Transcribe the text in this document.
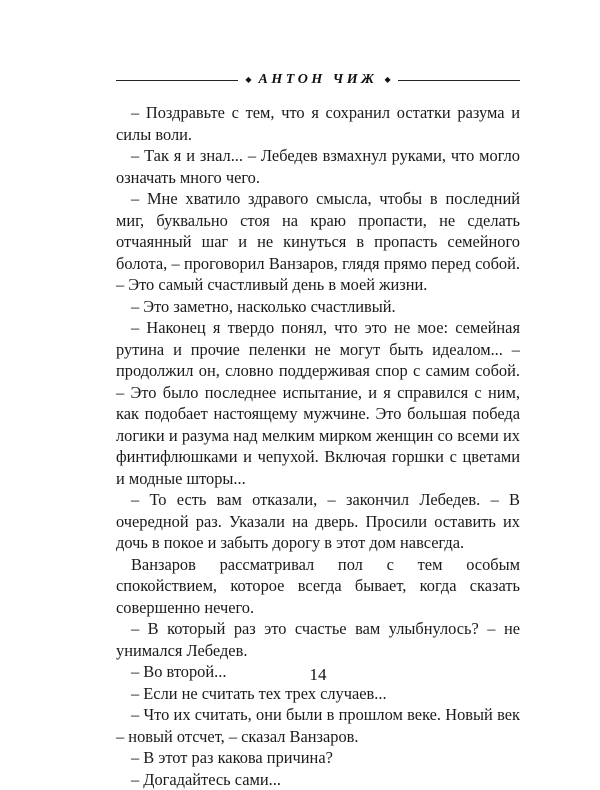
◆ АНТОН ЧИЖ ◆

– Поздравьте с тем, что я сохранил остатки разума и силы воли.

– Так я и знал... – Лебедев взмахнул руками, что могло означать много чего.

– Мне хватило здравого смысла, чтобы в последний миг, буквально стоя на краю пропасти, не сделать отчаянный шаг и не кинуться в пропасть семейного болота, – проговорил Ванзаров, глядя прямо перед собой. – Это самый счастливый день в моей жизни.

– Это заметно, насколько счастливый.

– Наконец я твердо понял, что это не мое: семейная рутина и прочие пеленки не могут быть идеалом... – продолжил он, словно поддерживая спор с самим собой. – Это было последнее испытание, и я справился с ним, как подобает настоящему мужчине. Это большая победа логики и разума над мелким мирком женщин со всеми их финтифлюшками и чепухой. Включая горшки с цветами и модные шторы...

– То есть вам отказали, – закончил Лебедев. – В очередной раз. Указали на дверь. Просили оставить их дочь в покое и забыть дорогу в этот дом навсегда.

Ванзаров рассматривал пол с тем особым спокойствием, которое всегда бывает, когда сказать совершенно нечего.

– В который раз это счастье вам улыбнулось? – не унимался Лебедев.

– Во второй...

– Если не считать тех трех случаев...

– Что их считать, они были в прошлом веке. Новый век – новый отсчет, – сказал Ванзаров.

– В этот раз какова причина?

– Догадайтесь сами...

14
